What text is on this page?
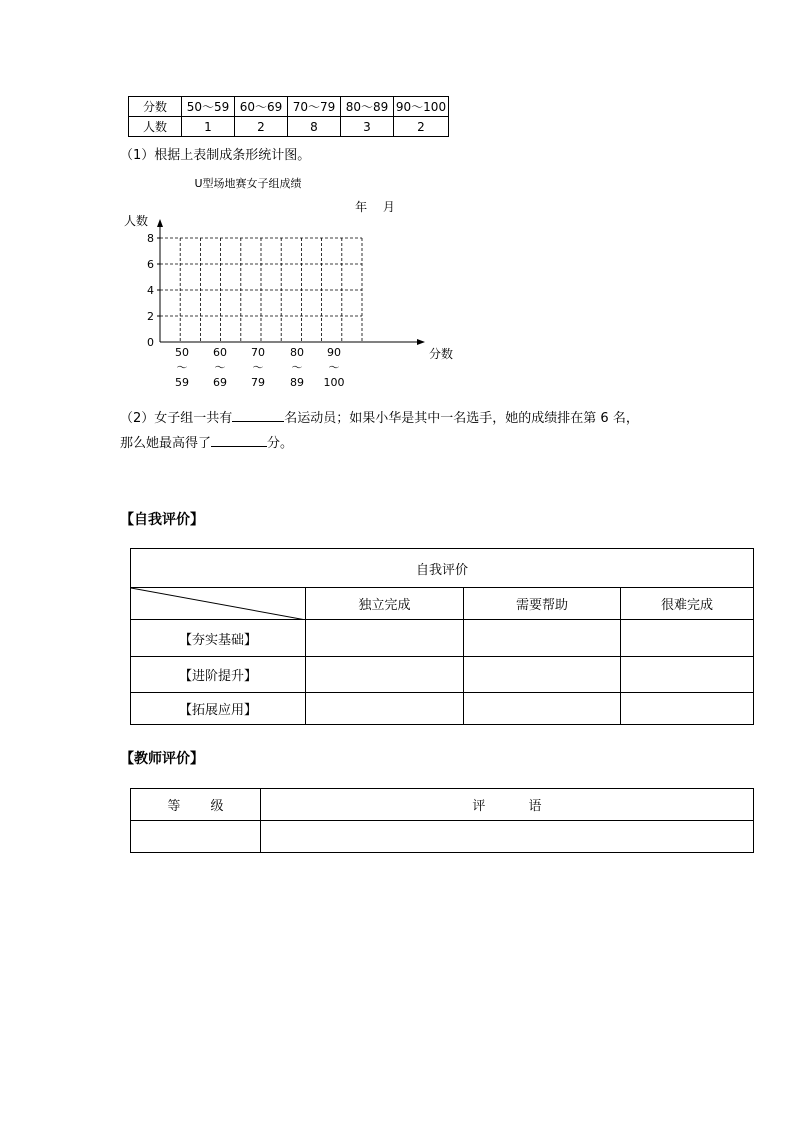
分数	50～59	60～69	70～79	80～89	90～100
人数	1	2	8	3	2
（1）根据上表制成条形统计图。
U型场地赛女子组成绩
年　 月
人数
0
2
4
6
8
50
～
59
60
～
69
70
～
79
80
～
89
90
～
100
分数
（2）女子组一共有	名运动员；如果小华是其中一名选手，她的成绩排在第 6 名，
那么她最高得了	分。
【自我评价】
自我评价			

	独立完成	需要帮助	很难完成
【夯实基础】			
【进阶提升】			
【拓展应用】			
【教师评价】
等　　 级	评　　　 语
